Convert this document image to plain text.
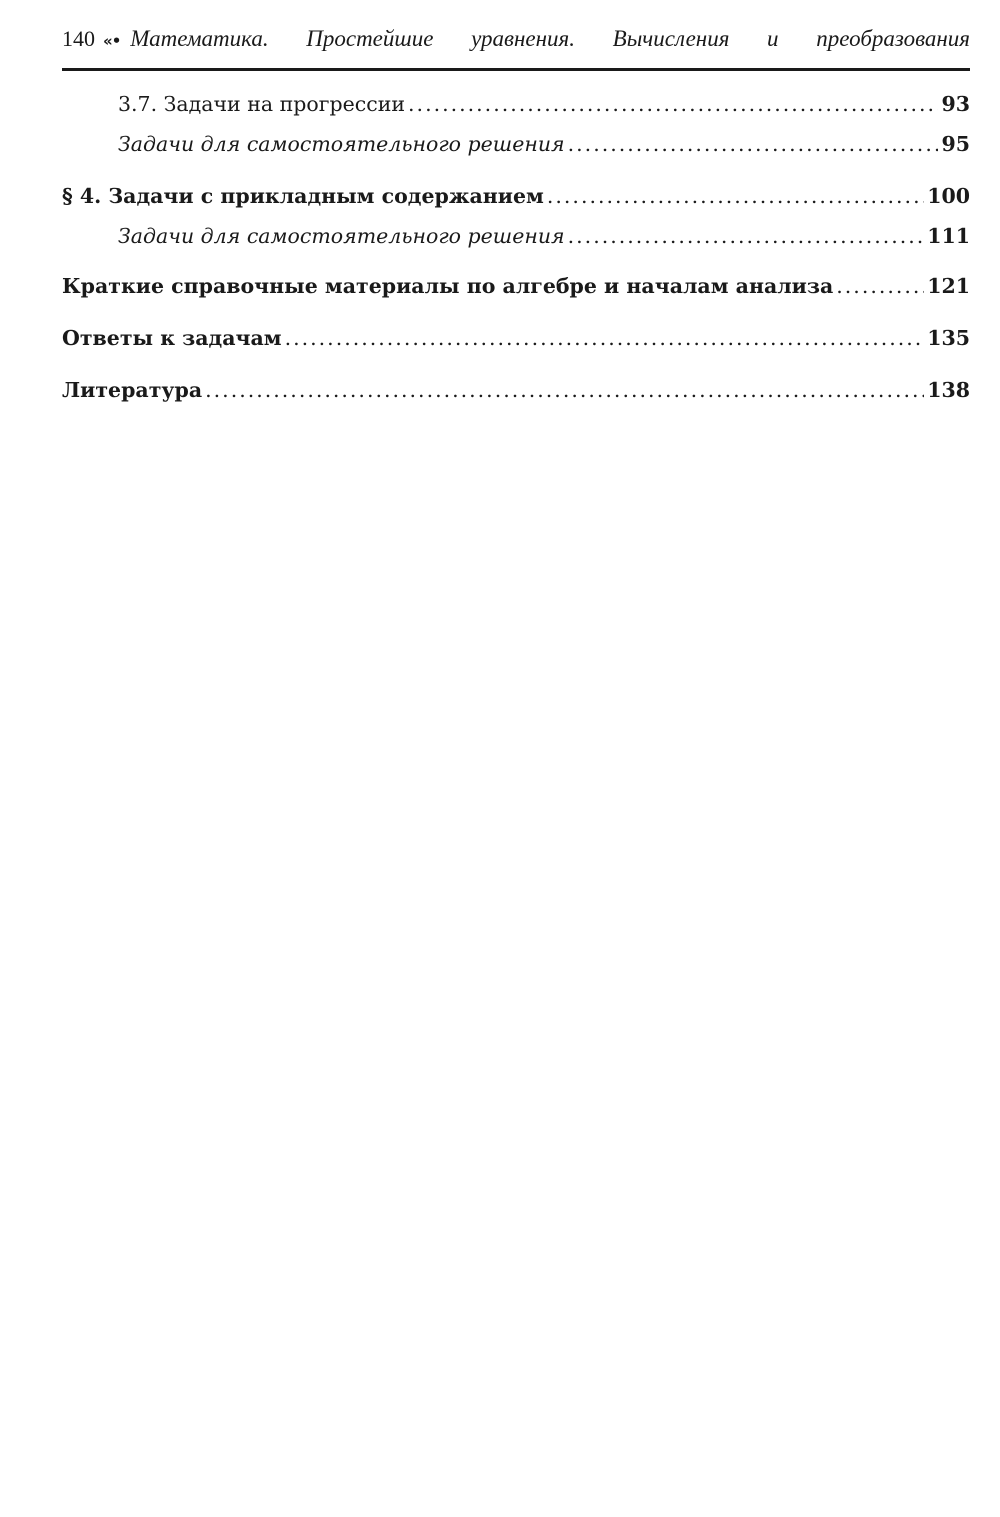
140 «• Математика. Простейшие уравнения. Вычисления и преобразования
3.7. Задачи на прогрессии .....	93
Задачи для самостоятельного решения .....	95
§ 4. Задачи с прикладным содержанием .....	100
Задачи для самостоятельного решения .....	111
Краткие справочные материалы по алгебре и началам анализа .....	121
Ответы к задачам .....	135
Литература .....	138
